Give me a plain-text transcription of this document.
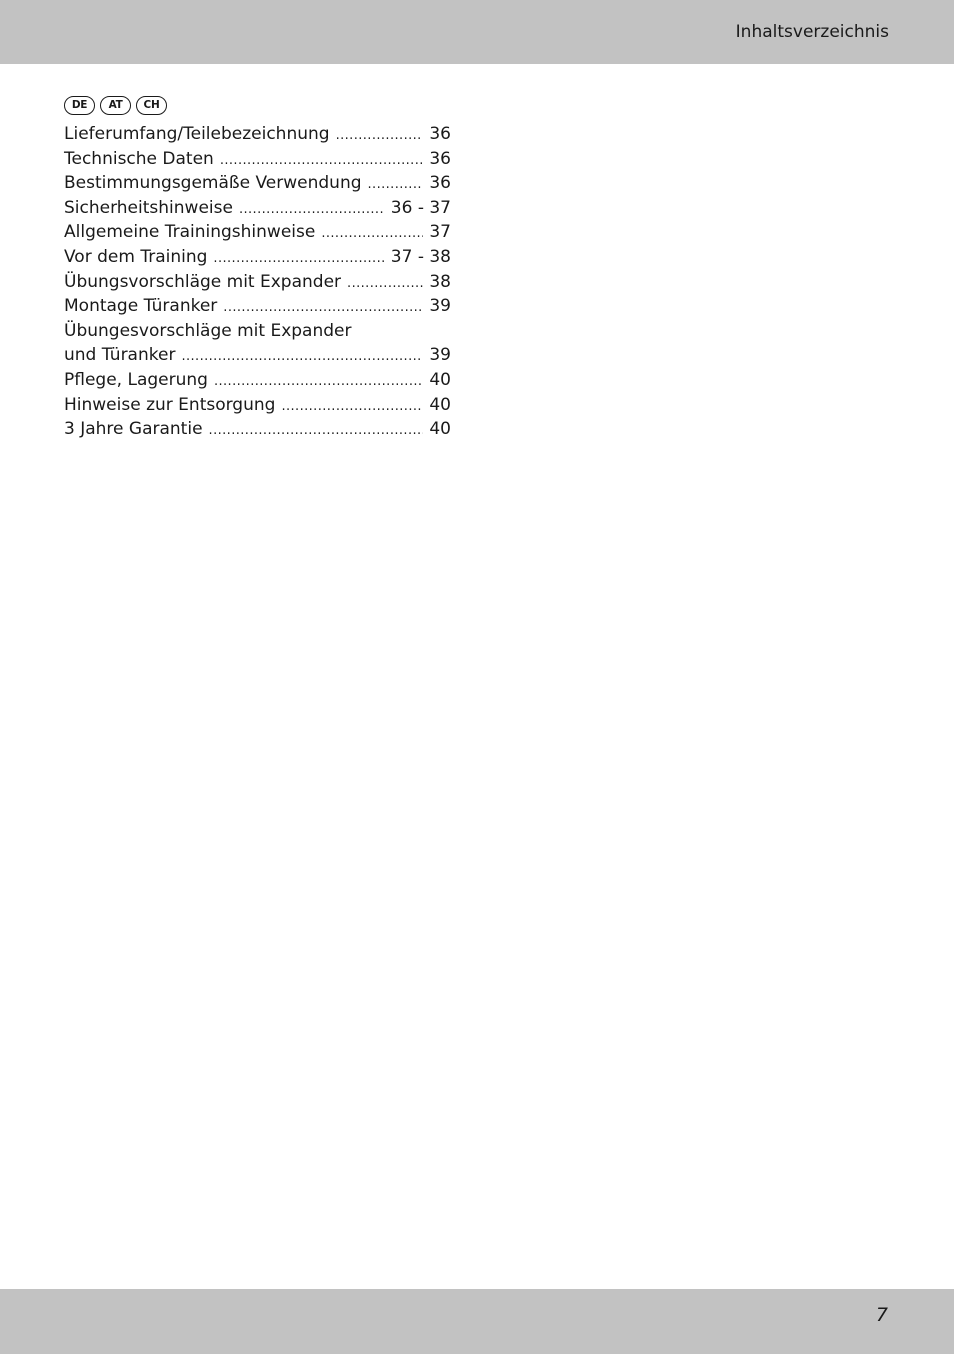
Inhaltsverzeichnis
DE	AT	CH
Lieferumfang/Teilebezeichnung .....	36
Technische Daten .....	36
Bestimmungsgemäße Verwendung .....	36
Sicherheitshinweise .....	36 - 37
Allgemeine Trainingshinweise .....	37
Vor dem Training .....	37 - 38
Übungsvorschläge mit Expander .....	38
Montage Türanker .....	39
Übungesvorschläge mit Expander
und Türanker .....	39
Pflege, Lagerung .....	40
Hinweise zur Entsorgung .....	40
3 Jahre Garantie .....	40
7
